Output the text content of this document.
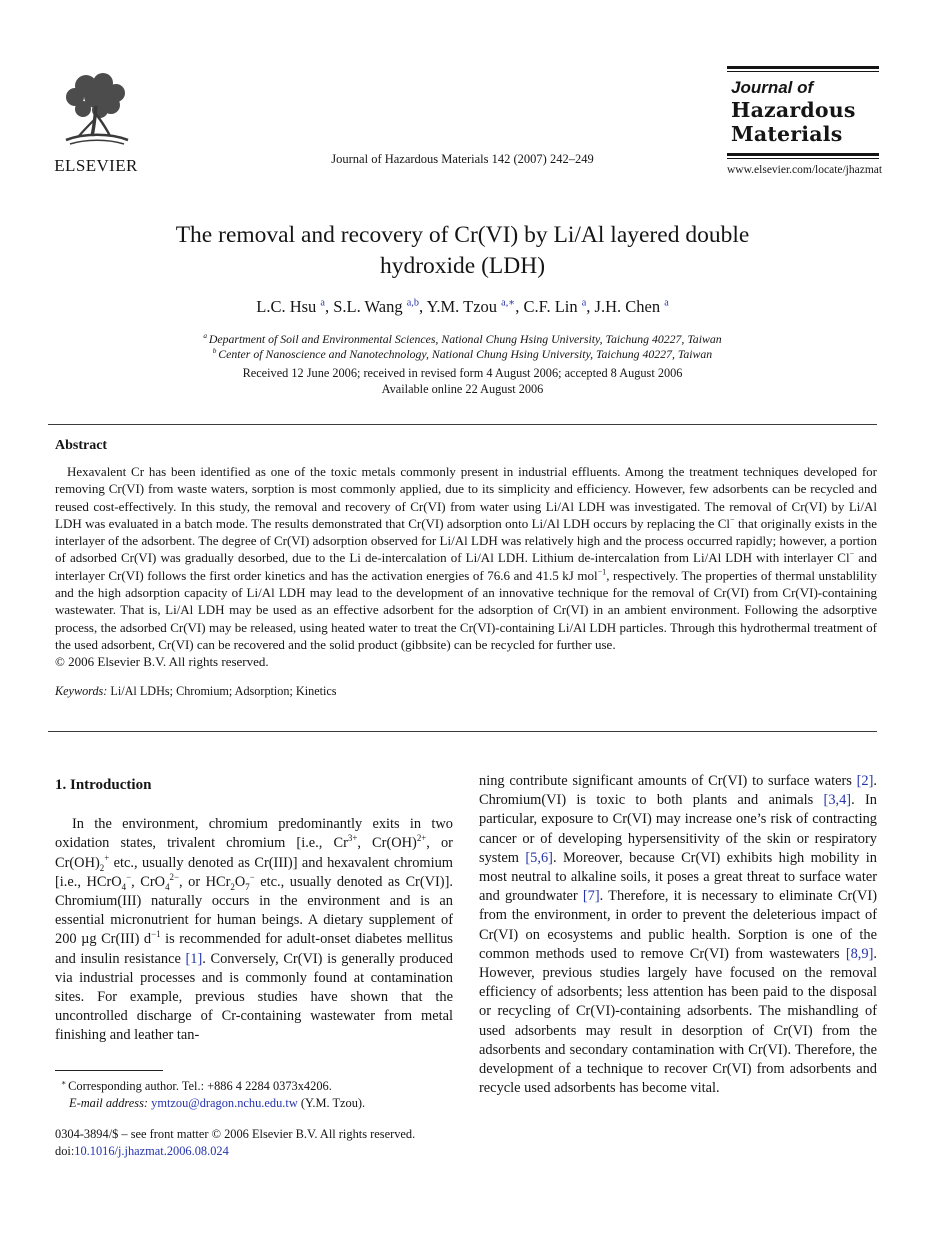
ELSEVIER	Journal of Hazardous Materials 142 (2007) 242–249
Journal of
Hazardous
Materials
www.elsevier.com/locate/jhazmat
The removal and recovery of Cr(VI) by Li/Al layered double hydroxide (LDH)
L.C. Hsu $^a$, S.L. Wang $^{a,b}$, Y.M. Tzou $^{a,∗}$, C.F. Lin $^a$, J.H. Chen $^a$
$^a$ Department of Soil and Environmental Sciences, National Chung Hsing University, Taichung 40227, Taiwan
$^b$ Center of Nanoscience and Nanotechnology, National Chung Hsing University, Taichung 40227, Taiwan
Received 12 June 2006; received in revised form 4 August 2006; accepted 8 August 2006
Available online 22 August 2006
Abstract

Hexavalent Cr has been identified as one of the toxic metals commonly present in industrial effluents. Among the treatment techniques developed for removing Cr(VI) from waste waters, sorption is most commonly applied, due to its simplicity and efficiency. However, few adsorbents can be recycled and reused cost-effectively. In this study, the removal and recovery of Cr(VI) from water using Li/Al LDH was investigated. The removal of Cr(VI) by Li/Al LDH was evaluated in a batch mode. The results demonstrated that Cr(VI) adsorption onto Li/Al LDH occurs by replacing the Cl− that originally exists in the interlayer of the adsorbent. The degree of Cr(VI) adsorption observed for Li/Al LDH was relatively high and the process occurred rapidly; however, a portion of adsorbed Cr(VI) was gradually desorbed, due to the Li de-intercalation of Li/Al LDH. Lithium de-intercalation from Li/Al LDH with interlayer Cl− and interlayer Cr(VI) follows the first order kinetics and has the activation energies of 76.6 and 41.5 kJ mol$^{-1}$, respectively. The properties of thermal unstablility and the high adsorption capacity of Li/Al LDH may lead to the development of an innovative technique for the removal of Cr(VI) from Cr(VI)-containing wastewater. That is, Li/Al LDH may be used as an effective adsorbent for the adsorption of Cr(VI) in an ambient environment. Following the adsorptive process, the adsorbed Cr(VI) may be released, using heated water to treat the Cr(VI)-containing Li/Al LDH particles. Through this hydrothermal treatment of the used adsorbent, Cr(VI) can be recovered and the solid product (gibbsite) can be recycled for further use.

© 2006 Elsevier B.V. All rights reserved.

Keywords: Li/Al LDHs; Chromium; Adsorption; Kinetics
1. Introduction

In the environment, chromium predominantly exits in two oxidation states, trivalent chromium [i.e., $Cr^{3+}$, Cr(OH)$^{2+}$, or $Cr(OH)_2^+$ etc., usually denoted as Cr(III)] and hexavalent chromium [i.e., HCrO$_4$−, CrO$_4^{2-}$, or $HCr_2O_7^-$ etc., usually denoted as Cr(VI)]. Chromium(III) naturally occurs in the environment and is an essential micronutrient for human beings. A dietary supplement of 200 µg Cr(III) $d^{-1}$ is recommended for adult-onset diabetes mellitus and insulin resistance [1]. Conversely, Cr(VI) is generally produced via industrial processes and is commonly found at contamination sites. For example, previous studies have shown that the uncontrolled discharge of Cr-containing wastewater from metal finishing and leather tan-

ning contribute significant amounts of Cr(VI) to surface waters [2]. Chromium(VI) is toxic to both plants and animals [3,4]. In particular, exposure to Cr(VI) may increase one’s risk of contracting cancer or of developing hypersensitivity of the skin or respiratory system [5,6]. Moreover, because Cr(VI) exhibits high mobility in most neutral to alkaline soils, it poses a great threat to surface water and groundwater [7]. Therefore, it is necessary to eliminate Cr(VI) from the environment, in order to prevent the deleterious impact of Cr(VI) on ecosystems and public health. Sorption is one of the common methods used to remove Cr(VI) from wastewaters [8,9]. However, previous studies largely have focused on the removal efficiency of adsorbents; less attention has been paid to the disposal or recycling of Cr(VI)-containing adsorbents. The mishandling of used adsorbents may result in desorption of Cr(VI) from the adsorbents and secondary contamination with Cr(VI). Therefore, the development of a technique to recover Cr(VI) from adsorbents and recycle used adsorbents has become vital.

∗ Corresponding author. Tel.: +886 4 2284 0373x4206.
E-mail address: ymtzou@dragon.nchu.edu.tw (Y.M. Tzou).
0304-3894/$ – see front matter © 2006 Elsevier B.V. All rights reserved.
doi:10.1016/j.jhazmat.2006.08.024
